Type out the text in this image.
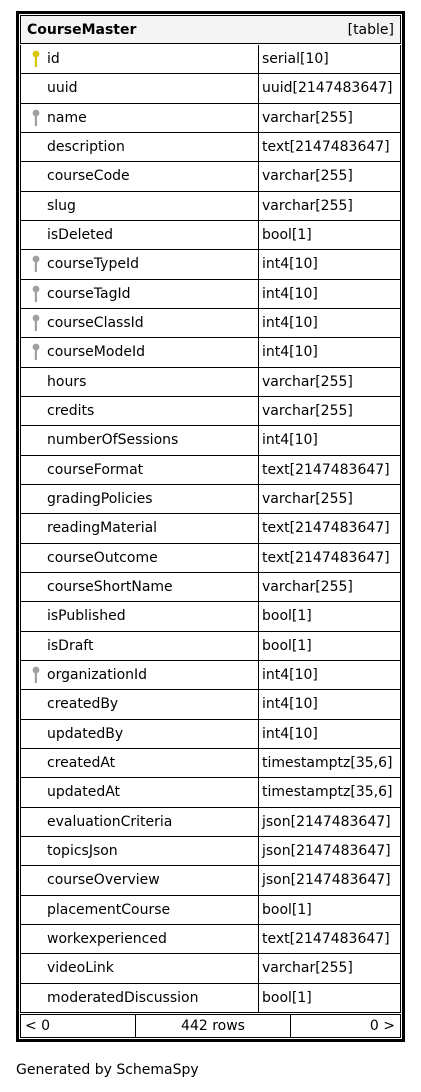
CourseMaster	[table]
id	serial[10]
uuid	uuid[2147483647]
name	varchar[255]
description	text[2147483647]
courseCode	varchar[255]
slug	varchar[255]
isDeleted	bool[1]
courseTypeId	int4[10]
courseTagId	int4[10]
courseClassId	int4[10]
courseModeId	int4[10]
hours	varchar[255]
credits	varchar[255]
numberOfSessions	int4[10]
courseFormat	text[2147483647]
gradingPolicies	varchar[255]
readingMaterial	text[2147483647]
courseOutcome	text[2147483647]
courseShortName	varchar[255]
isPublished	bool[1]
isDraft	bool[1]
organizationId	int4[10]
createdBy	int4[10]
updatedBy	int4[10]
createdAt	timestamptz[35,6]
updatedAt	timestamptz[35,6]
evaluationCriteria	json[2147483647]
topicsJson	json[2147483647]
courseOverview	json[2147483647]
placementCourse	bool[1]
workexperienced	text[2147483647]
videoLink	varchar[255]
moderatedDiscussion	bool[1]
< 0	442 rows	0 >
Generated by SchemaSpy
